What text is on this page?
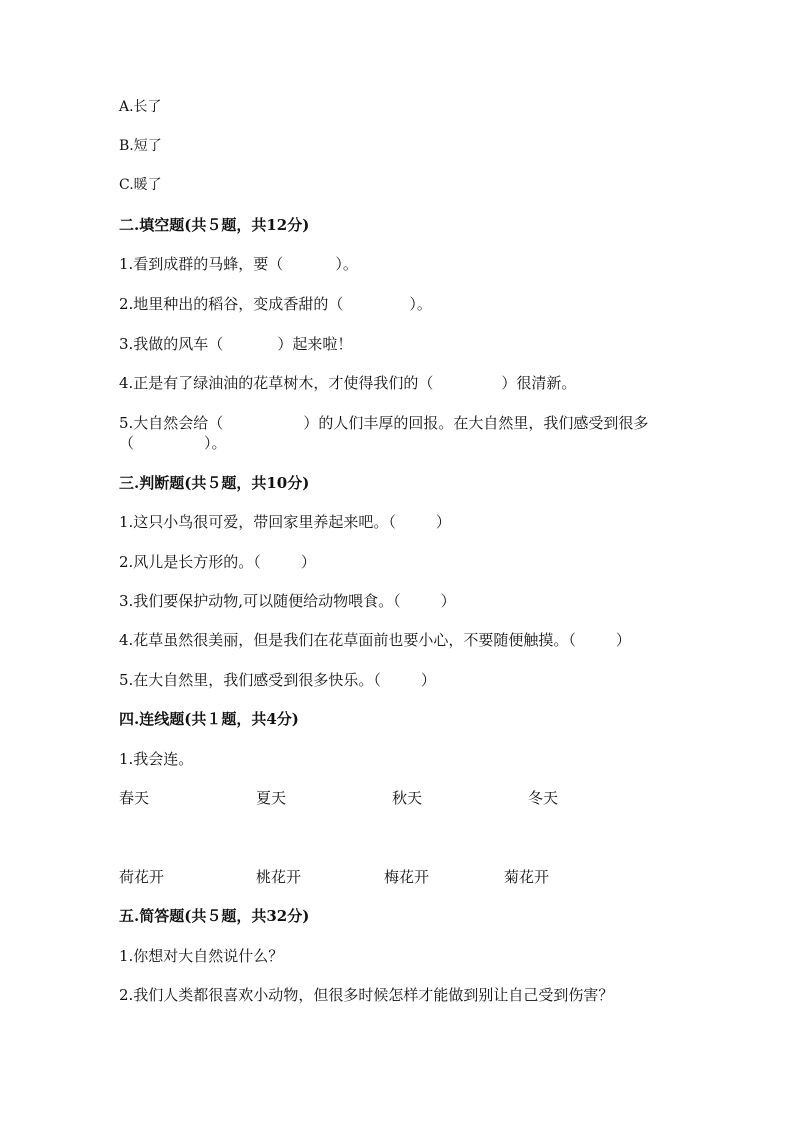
A.长了
B.短了
C.暖了
二.填空题(共５题，共12分)
1.看到成群的马蜂，要（	）。
2.地里种出的稻谷，变成香甜的（	）。
3.我做的风车（	）起来啦！
4.正是有了绿油油的花草树木，才使得我们的（	）很清新。
5.大自然会给（	）的人们丰厚的回报。在大自然里，我们感受到很多
（	）。
三.判断题(共５题，共10分)
1.这只小鸟很可爱，带回家里养起来吧。（	）
2.风儿是长方形的。（	）
3.我们要保护动物,可以随便给动物喂食。（	）
4.花草虽然很美丽，但是我们在花草面前也要小心，不要随便触摸。（	）
5.在大自然里，我们感受到很多快乐。（	）
四.连线题(共１题，共4分)
1.我会连。
春天	夏天	秋天	冬天
荷花开	桃花开	梅花开	菊花开
五.简答题(共５题，共32分)
1.你想对大自然说什么？
2.我们人类都很喜欢小动物，但很多时候怎样才能做到别让自己受到伤害？
